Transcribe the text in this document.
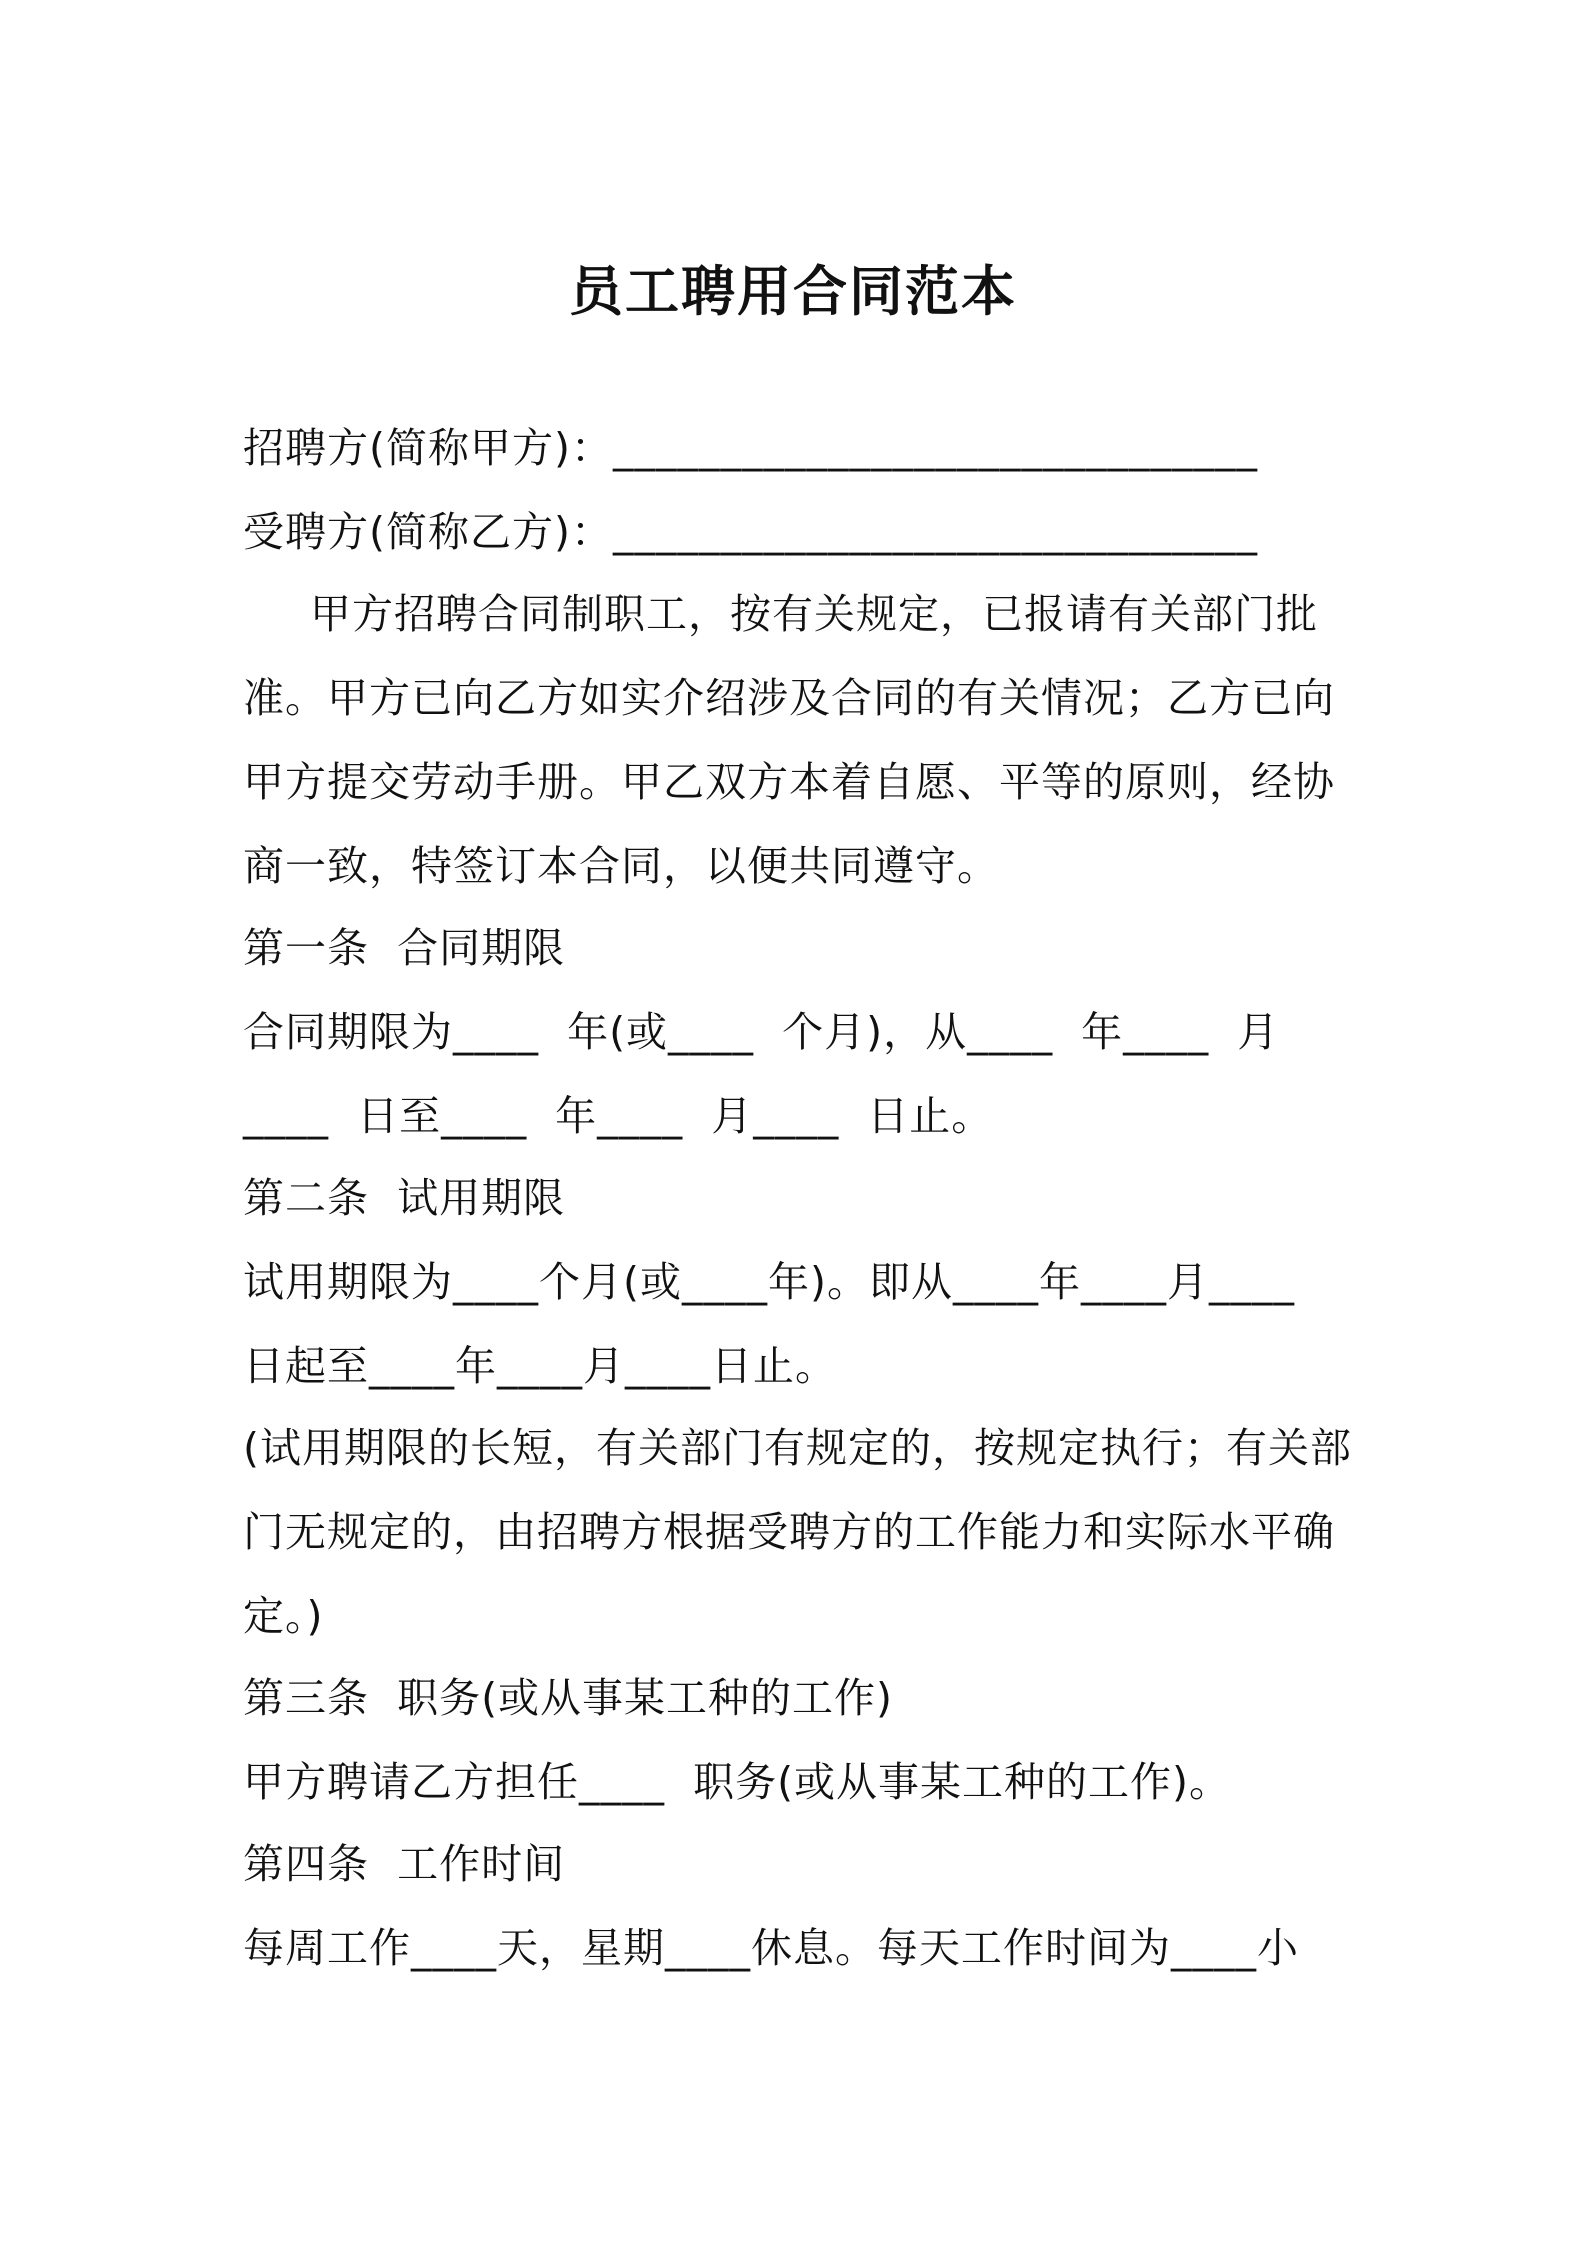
员工聘用合同范本
招聘方(简称甲方)：______________________________
受聘方(简称乙方)：______________________________
甲方招聘合同制职工，按有关规定，已报请有关部门批
准。甲方已向乙方如实介绍涉及合同的有关情况；乙方已向
甲方提交劳动手册。甲乙双方本着自愿、平等的原则，经协
商一致，特签订本合同，以便共同遵守。
第一条  合同期限
合同期限为____  年(或____  个月)，从____  年____  月
____  日至____  年____  月____  日止。
第二条  试用期限
试用期限为____个月(或____年)。即从____年____月____
日起至____年____月____日止。
(试用期限的长短，有关部门有规定的，按规定执行；有关部
门无规定的，由招聘方根据受聘方的工作能力和实际水平确
定。)
第三条  职务(或从事某工种的工作)
甲方聘请乙方担任____  职务(或从事某工种的工作)。
第四条  工作时间
每周工作____天，星期____休息。每天工作时间为____小
